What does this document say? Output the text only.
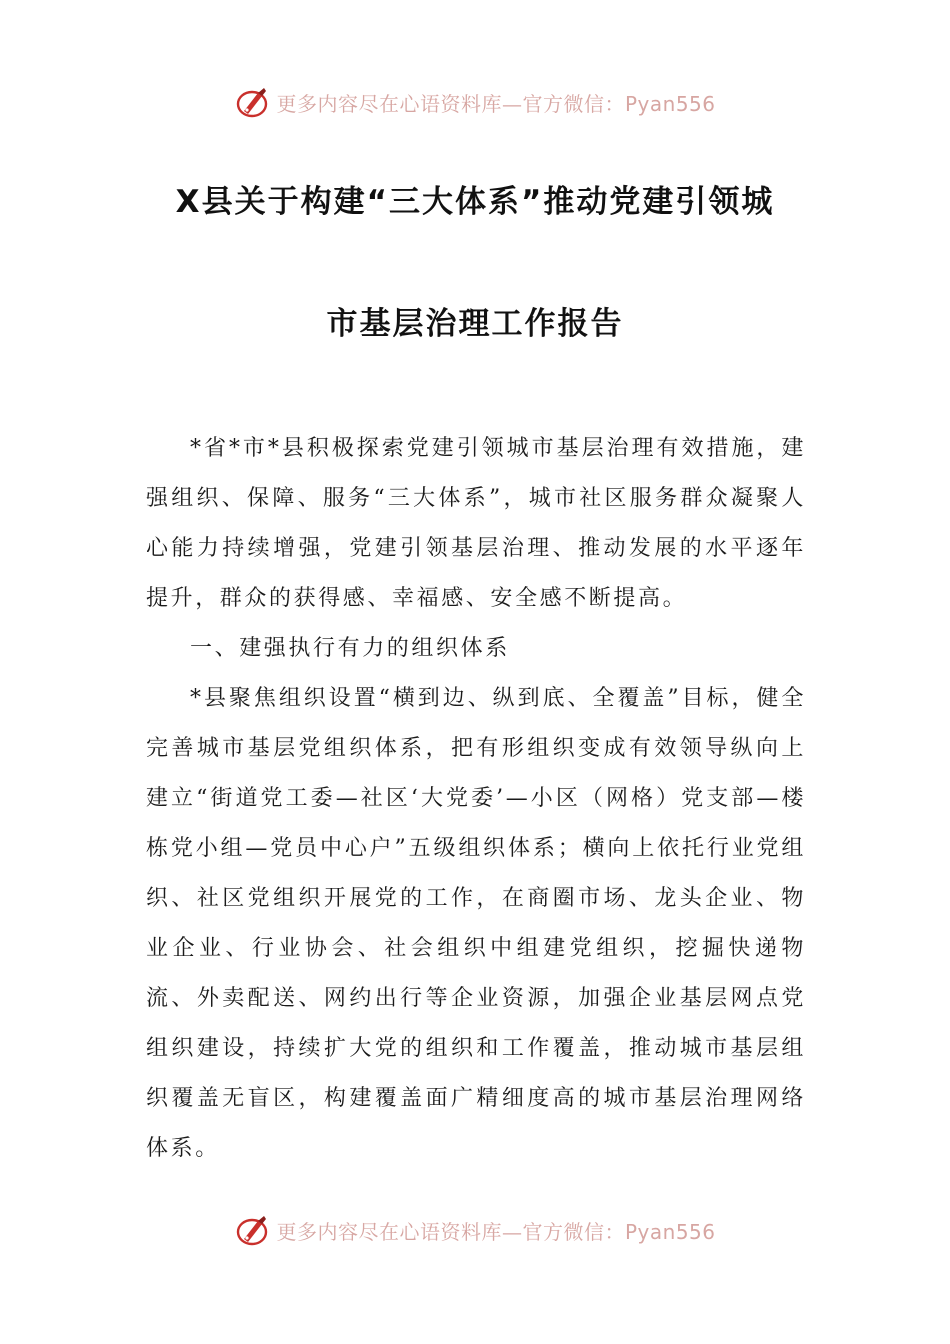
更多内容尽在心语资料库—官方微信：Pyan556
X县关于构建“三大体系”推动党建引领城
市基层治理工作报告

*省*市*县积极探索党建引领城市基层治理有效措施，建强组织、保障、服务“三大体系”，城市社区服务群众凝聚人心能力持续增强，党建引领基层治理、推动发展的水平逐年提升，群众的获得感、幸福感、安全感不断提高。

一、建强执行有力的组织体系

*县聚焦组织设置“横到边、纵到底、全覆盖”目标，健全完善城市基层党组织体系，把有形组织变成有效领导纵向上建立“街道党工委—社区‘大党委’—小区（网格）党支部—楼栋党小组—党员中心户”五级组织体系；横向上依托行业党组织、社区党组织开展党的工作，在商圈市场、龙头企业、物业企业、行业协会、社会组织中组建党组织，挖掘快递物流、外卖配送、网约出行等企业资源，加强企业基层网点党组织建设，持续扩大党的组织和工作覆盖，推动城市基层组织覆盖无盲区，构建覆盖面广精细度高的城市基层治理网络体系。

更多内容尽在心语资料库—官方微信：Pyan556
